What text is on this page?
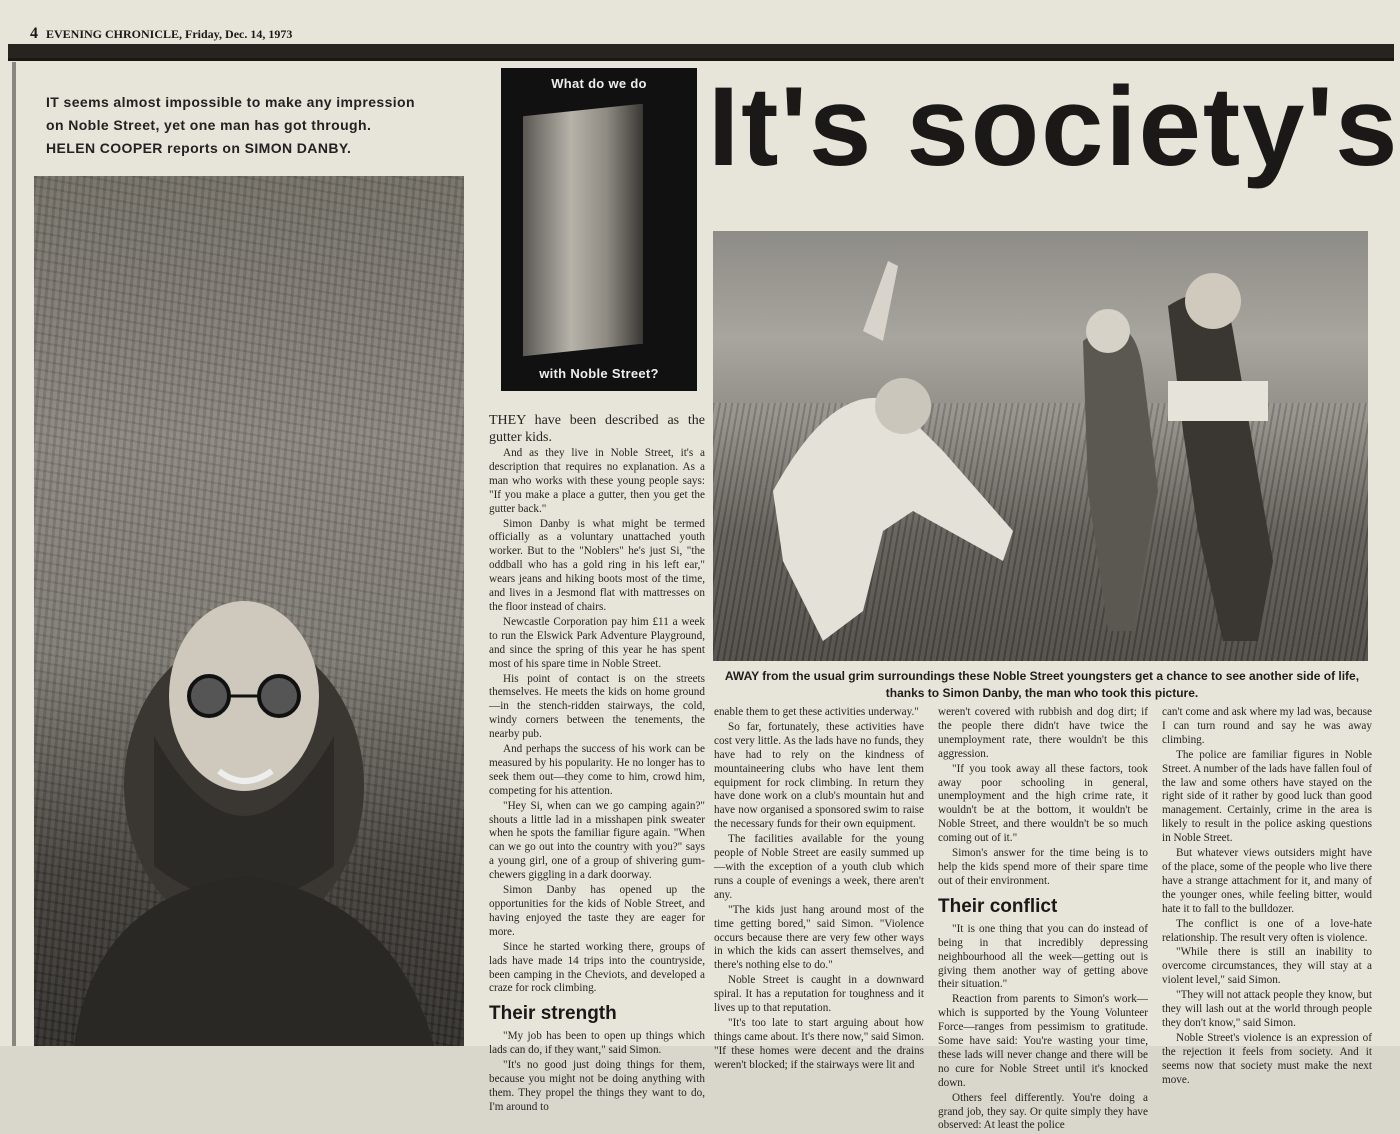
4 EVENING CHRONICLE, Friday, Dec. 14, 1973
IT seems almost impossible to make any impression
on Noble Street, yet one man has got through.
HELEN COOPER reports on SIMON DANBY.
What do we do
with Noble Street?
It's society's
AWAY from the usual grim surroundings these Noble Street youngsters get a chance to see another side of life, thanks to Simon Danby, the man who took this picture.

THEY have been described as the gutter kids.

And as they live in Noble Street, it's a description that requires no explanation. As a man who works with these young people says: "If you make a place a gutter, then you get the gutter back."

Simon Danby is what might be termed officially as a voluntary unattached youth worker. But to the "Noblers" he's just Si, "the oddball who has a gold ring in his left ear," wears jeans and hiking boots most of the time, and lives in a Jesmond flat with mattresses on the floor instead of chairs.

Newcastle Corporation pay him £11 a week to run the Elswick Park Adventure Playground, and since the spring of this year he has spent most of his spare time in Noble Street.

His point of contact is on the streets themselves. He meets the kids on home ground—in the stench-ridden stairways, the cold, windy corners between the tenements, the nearby pub.

And perhaps the success of his work can be measured by his popularity. He no longer has to seek them out—they come to him, crowd him, competing for his attention.

"Hey Si, when can we go camping again?" shouts a little lad in a misshapen pink sweater when he spots the familiar figure again. "When can we go out into the country with you?" says a young girl, one of a group of shivering gum-chewers giggling in a dark doorway.

Simon Danby has opened up the opportunities for the kids of Noble Street, and having enjoyed the taste they are eager for more.

Since he started working there, groups of lads have made 14 trips into the countryside, been camping in the Cheviots, and developed a craze for rock climbing.

Their strength

"My job has been to open up things which lads can do, if they want," said Simon.

"It's no good just doing things for them, because you might not be doing anything with them. They propel the things they want to do, I'm around to

enable them to get these activities underway."

So far, fortunately, these activities have cost very little. As the lads have no funds, they have had to rely on the kindness of mountaineering clubs who have lent them equipment for rock climbing. In return they have done work on a club's mountain hut and have now organised a sponsored swim to raise the necessary funds for their own equipment.

The facilities available for the young people of Noble Street are easily summed up—with the exception of a youth club which runs a couple of evenings a week, there aren't any.

"The kids just hang around most of the time getting bored," said Simon. "Violence occurs because there are very few other ways in which the kids can assert themselves, and there's nothing else to do."

Noble Street is caught in a downward spiral. It has a reputation for toughness and it lives up to that reputation.

"It's too late to start arguing about how things came about. It's there now," said Simon. "If these homes were decent and the drains weren't blocked; if the stairways were lit and

weren't covered with rubbish and dog dirt; if the people there didn't have twice the unemployment rate, there wouldn't be this aggression.

"If you took away all these factors, took away poor schooling in general, unemployment and the high crime rate, it wouldn't be at the bottom, it wouldn't be Noble Street, and there wouldn't be so much coming out of it."

Simon's answer for the time being is to help the kids spend more of their spare time out of their environment.

Their conflict

"It is one thing that you can do instead of being in that incredibly depressing neighbourhood all the week—getting out is giving them another way of getting above their situation."

Reaction from parents to Simon's work—which is supported by the Young Volunteer Force—ranges from pessimism to gratitude. Some have said: You're wasting your time, these lads will never change and there will be no cure for Noble Street until it's knocked down.

Others feel differently. You're doing a grand job, they say. Or quite simply they have observed: At least the police

can't come and ask where my lad was, because I can turn round and say he was away climbing.

The police are familiar figures in Noble Street. A number of the lads have fallen foul of the law and some others have stayed on the right side of it rather by good luck than good management. Certainly, crime in the area is likely to result in the police asking questions in Noble Street.

But whatever views outsiders might have of the place, some of the people who live there have a strange attachment for it, and many of the younger ones, while feeling bitter, would hate it to fall to the bulldozer.

The conflict is one of a love-hate relationship. The result very often is violence.

"While there is still an inability to overcome circumstances, they will stay at a violent level," said Simon.

"They will not attack people they know, but they will lash out at the world through people they don't know," said Simon.

Noble Street's violence is an expression of the rejection it feels from society. And it seems now that society must make the next move.
